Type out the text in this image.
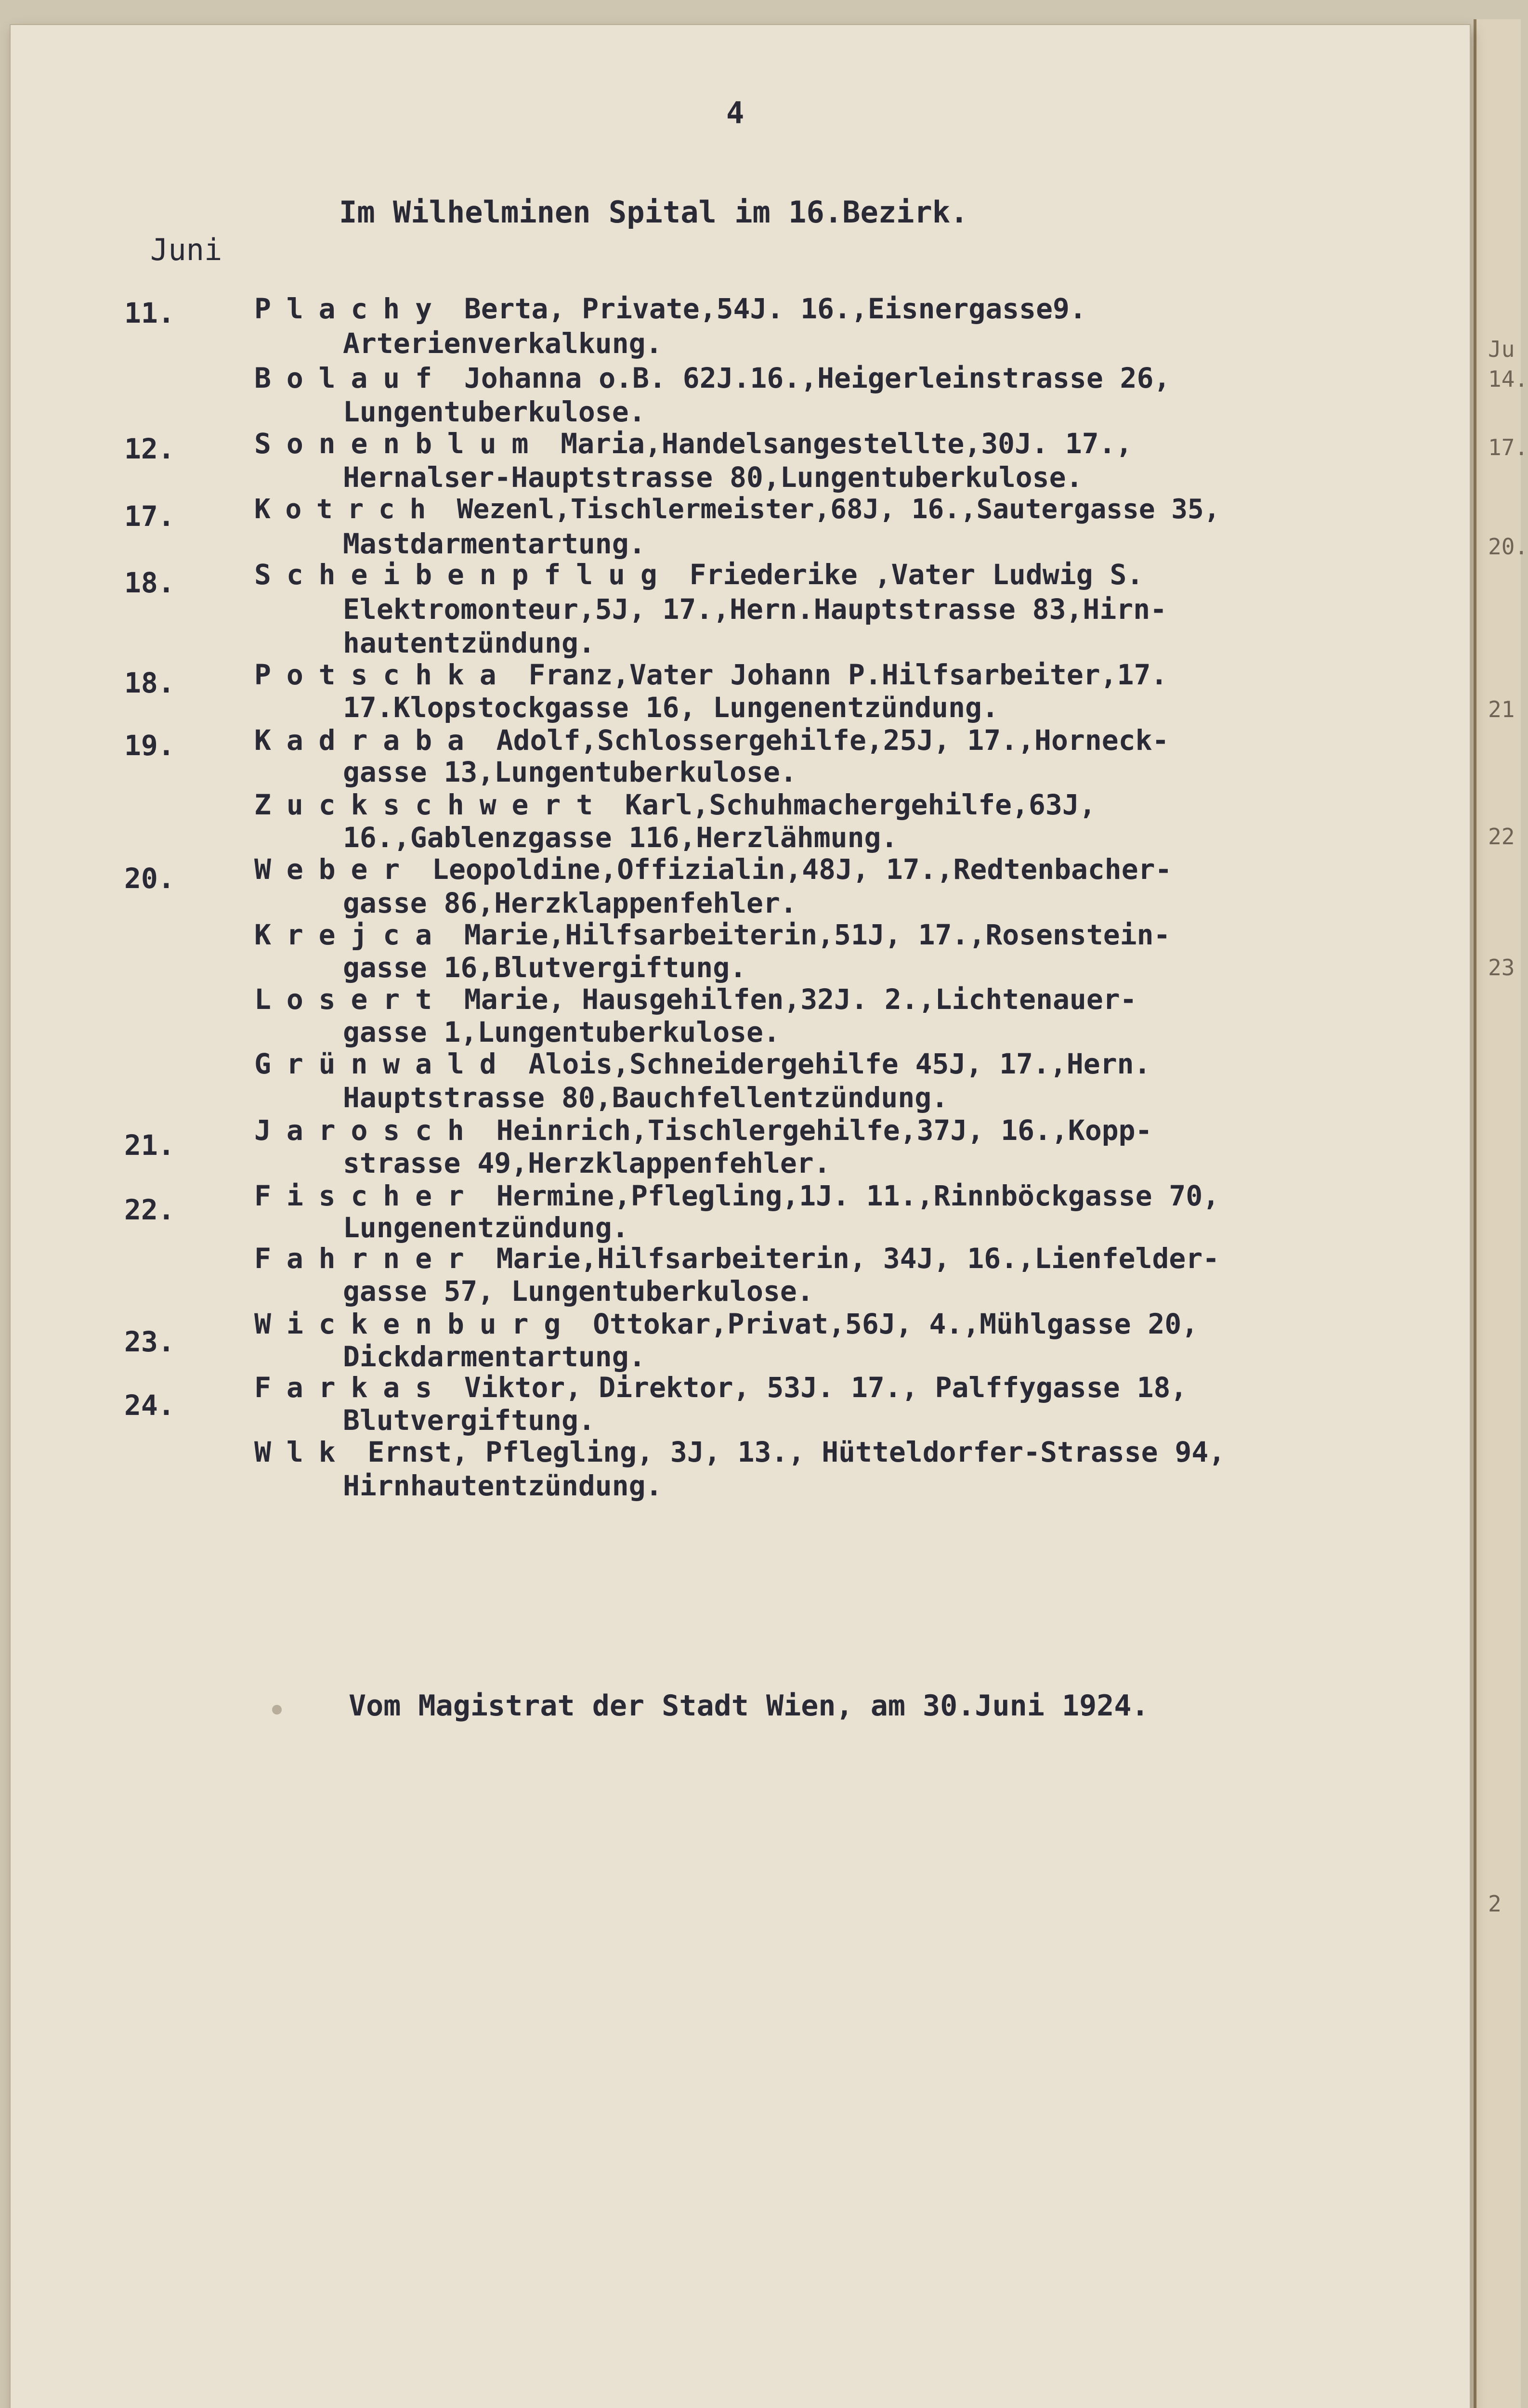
Ju
14.
17.
20.
21
22
23
2
4
Im Wilhelminen Spital im 16.Bezirk.
Juni
11.
12.
17.
18.
18.
19.
20.
21.
22.
23.
24.
Plachy Berta, Private,54J. 16.,Eisnergasse9.
Arterienverkalkung.
Bolauf Johanna o.B. 62J.16.,Heigerleinstrasse 26,
Lungentuberkulose.
Sonenblum Maria,Handelsangestellte,30J. 17.,
Hernalser-Hauptstrasse 80,Lungentuberkulose.
Kotrch Wezenl,Tischlermeister,68J, 16.,Sautergasse 35,
Mastdarmentartung.
Scheibenpflug Friederike ,Vater Ludwig S.
Elektromonteur,5J, 17.,Hern.Hauptstrasse 83,Hirn-
hautentzündung.
Potschka Franz,Vater Johann P.Hilfsarbeiter,17.
17.Klopstockgasse 16, Lungenentzündung.
Kadraba Adolf,Schlossergehilfe,25J, 17.,Horneck-
gasse 13,Lungentuberkulose.
Zuckschwert Karl,Schuhmachergehilfe,63J,
16.,Gablenzgasse 116,Herzlähmung.
Weber Leopoldine,Offizialin,48J, 17.,Redtenbacher-
gasse 86,Herzklappenfehler.
Krejca Marie,Hilfsarbeiterin,51J, 17.,Rosenstein-
gasse 16,Blutvergiftung.
Losert Marie, Hausgehilfen,32J. 2.,Lichtenauer-
gasse 1,Lungentuberkulose.
Grünwald Alois,Schneidergehilfe 45J, 17.,Hern.
Hauptstrasse 80,Bauchfellentzündung.
Jarosch Heinrich,Tischlergehilfe,37J, 16.,Kopp-
strasse 49,Herzklappenfehler.
Fischer Hermine,Pflegling,1J. 11.,Rinnböckgasse 70,
Lungenentzündung.
Fahrner Marie,Hilfsarbeiterin, 34J, 16.,Lienfelder-
gasse 57, Lungentuberkulose.
Wickenburg Ottokar,Privat,56J, 4.,Mühlgasse 20,
Dickdarmentartung.
Farkas Viktor, Direktor, 53J. 17., Palffygasse 18,
Blutvergiftung.
Wlk Ernst, Pflegling, 3J, 13., Hütteldorfer-Strasse 94,
Hirnhautentzündung.
Vom Magistrat der Stadt Wien, am 30.Juni 1924.
